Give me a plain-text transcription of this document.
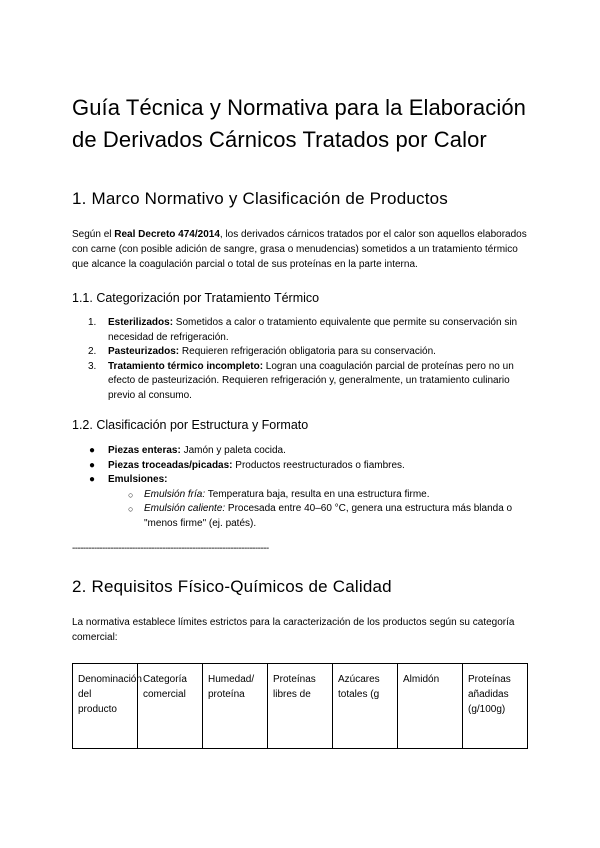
Guía Técnica y Normativa para la Elaboración de Derivados Cárnicos Tratados por Calor
1. Marco Normativo y Clasificación de Productos

Según el Real Decreto 474/2014, los derivados cárnicos tratados por el calor son aquellos elaborados con carne (con posible adición de sangre, grasa o menudencias) sometidos a un tratamiento térmico que alcance la coagulación parcial o total de sus proteínas en la parte interna.

1.1. Categorización por Tratamiento Térmico
1. Esterilizados: Sometidos a calor o tratamiento equivalente que permite su conservación sin necesidad de refrigeración.
2. Pasteurizados: Requieren refrigeración obligatoria para su conservación.
3. Tratamiento térmico incompleto: Logran una coagulación parcial de proteínas pero no un efecto de pasteurización. Requieren refrigeración y, generalmente, un tratamiento culinario previo al consumo.
1.2. Clasificación por Estructura y Formato
● Piezas enteras: Jamón y paleta cocida.
● Piezas troceadas/picadas: Productos reestructurados o fiambres.
● Emulsiones:
○ Emulsión fría: Temperatura baja, resulta en una estructura firme.
○ Emulsión caliente: Procesada entre 40–60 °C, genera una estructura más blanda o "menos firme" (ej. patés).
------------------------------------------------------------------------
2. Requisitos Físico-Químicos de Calidad

La normativa establece límites estrictos para la caracterización de los productos según su categoría comercial:

Denominación del producto	Categoría comercial	Humedad/ proteína	Proteínas libres de	Azúcares totales (g	Almidón	Proteínas añadidas (g/100g)
